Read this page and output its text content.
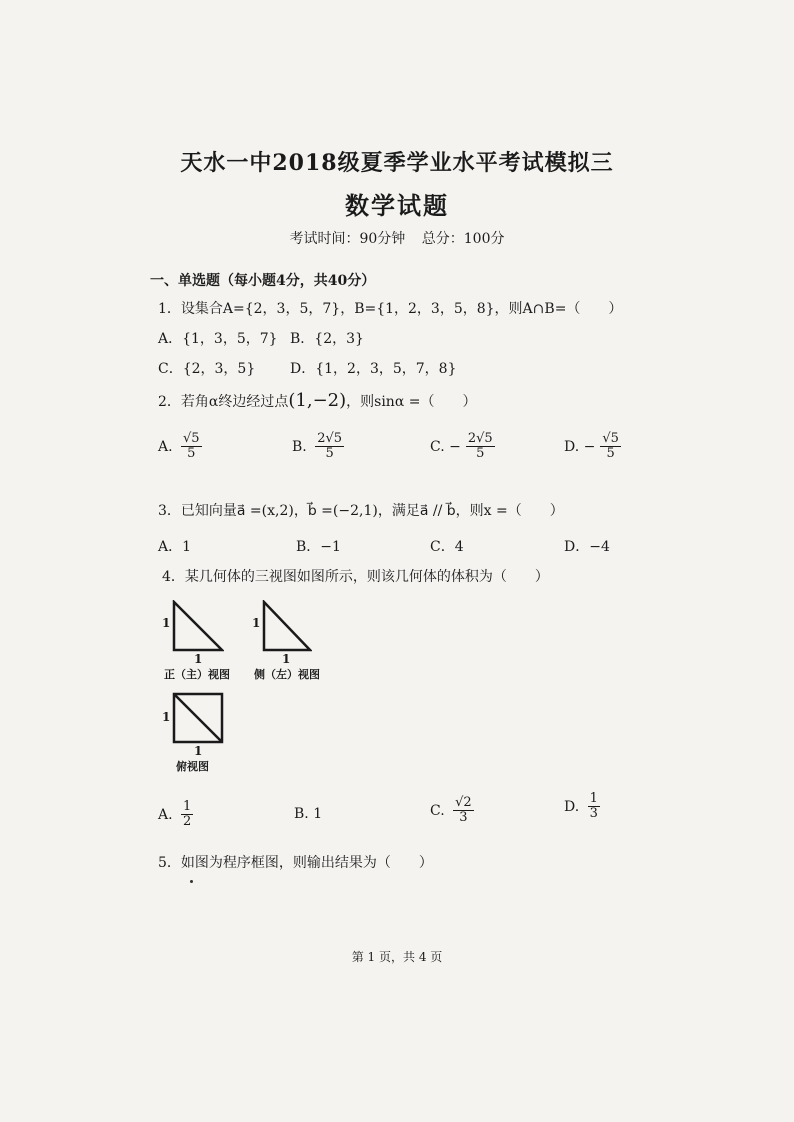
天水一中2018级夏季学业水平考试模拟三
数学试题
考试时间：90分钟 总分：100分
一、单选题（每小题4分，共40分）
1．设集合A={2，3，5，7}，B={1，2，3，5，8}，则A∩B=（　　）
A．{1，3，5，7} B．{2，3}
C．{2，3，5} D．{1，2，3，5，7，8}
2．若角α终边经过点(1,−2)，则sinα =（　　）
A. $\frac{√5}{5}$	B. $\frac{2√5}{5}$	C. − $\frac{2√5}{5}$	D. − $\frac{√5}{5}$
3．已知向量a⃗ =(x,2)，b⃗ =(−2,1)，满足a⃗ // b⃗，则x =（　　）
A．1	B．−1	C．4	D．−4
4．某几何体的三视图如图所示，则该几何体的体积为（　　）
1
1
正（主）视图
1
1
侧（左）视图
1
1
俯视图
A. $\frac{1}{2}$	B. 1	C. $\frac{√2}{3}$	D. $\frac{1}{3}$
5．如图为程序框图，则输出结果为（　　）
第 1 页，共 4 页
